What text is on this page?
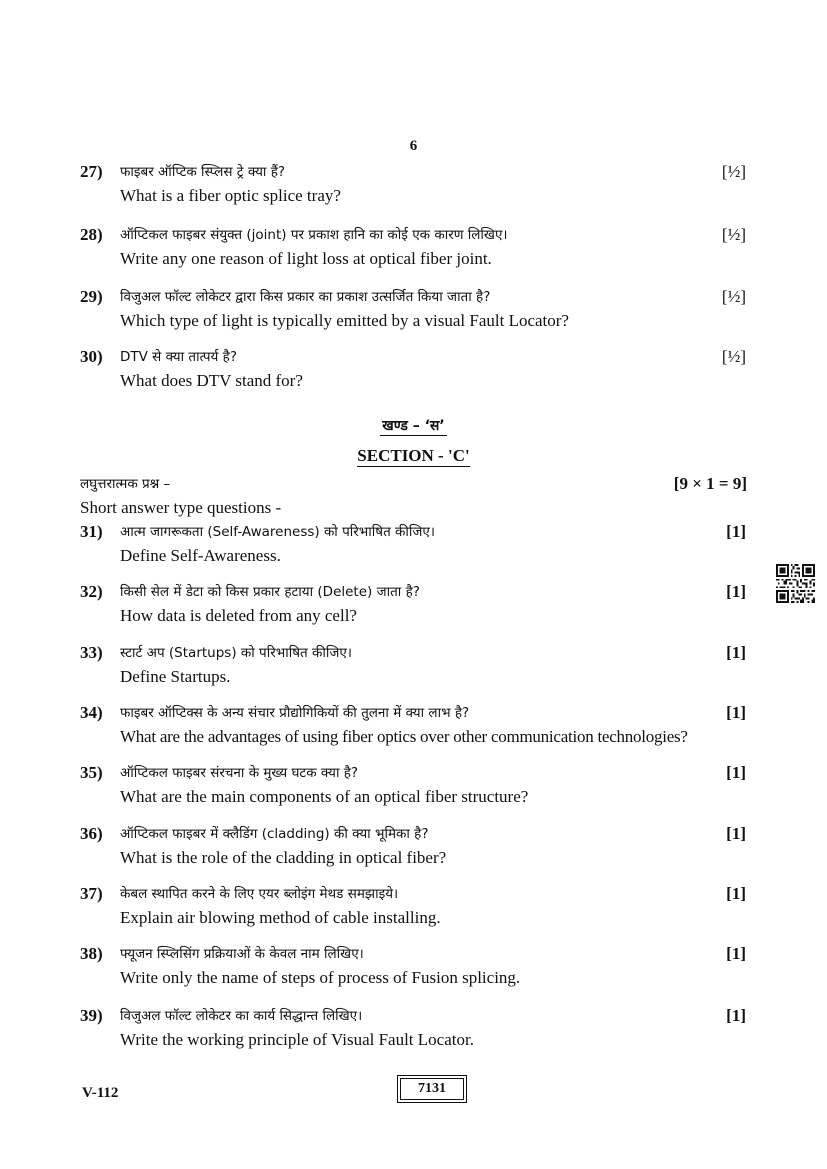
6
27)	फाइबर ऑप्टिक स्प्लिस ट्रे क्या हैं?	[½]
What is a fiber optic splice tray?
28)	ऑप्टिकल फाइबर संयुक्त (joint) पर प्रकाश हानि का कोई एक कारण लिखिए।	[½]
Write any one reason of light loss at optical fiber joint.
29)	विजुअल फॉल्ट लोकेटर द्वारा किस प्रकार का प्रकाश उत्सर्जित किया जाता है?	[½]
Which type of light is typically emitted by a visual Fault Locator?
30)	DTV से क्या तात्पर्य है?	[½]
What does DTV stand for?
खण्ड – ‘स’
SECTION - 'C'
लघुत्तरात्मक प्रश्न –	[9 × 1 = 9]
Short answer type questions -
31)	आत्म जागरूकता (Self-Awareness) को परिभाषित कीजिए।	[1]
Define Self-Awareness.
32)	किसी सेल में डेटा को किस प्रकार हटाया (Delete) जाता है?	[1]
How data is deleted from any cell?
33)	स्टार्ट अप (Startups) को परिभाषित कीजिए।	[1]
Define Startups.
34)	फाइबर ऑप्टिक्स के अन्य संचार प्रौद्योगिकियों की तुलना में क्या लाभ है?	[1]
What are the advantages of using fiber optics over other communication technologies?
35)	ऑप्टिकल फाइबर संरचना के मुख्य घटक क्या है?	[1]
What are the main components of an optical fiber structure?
36)	ऑप्टिकल फाइबर में क्लैडिंग (cladding) की क्या भूमिका है?	[1]
What is the role of the cladding in optical fiber?
37)	केबल स्थापित करने के लिए एयर ब्लोइंग मेथड समझाइये।	[1]
Explain air blowing method of cable installing.
38)	फ्यूजन स्प्लिसिंग प्रक्रियाओं के केवल नाम लिखिए।	[1]
Write only the name of steps of process of Fusion splicing.
39)	विजुअल फॉल्ट लोकेटर का कार्य सिद्धान्त लिखिए।	[1]
Write the working principle of Visual Fault Locator.
V-112	7131
